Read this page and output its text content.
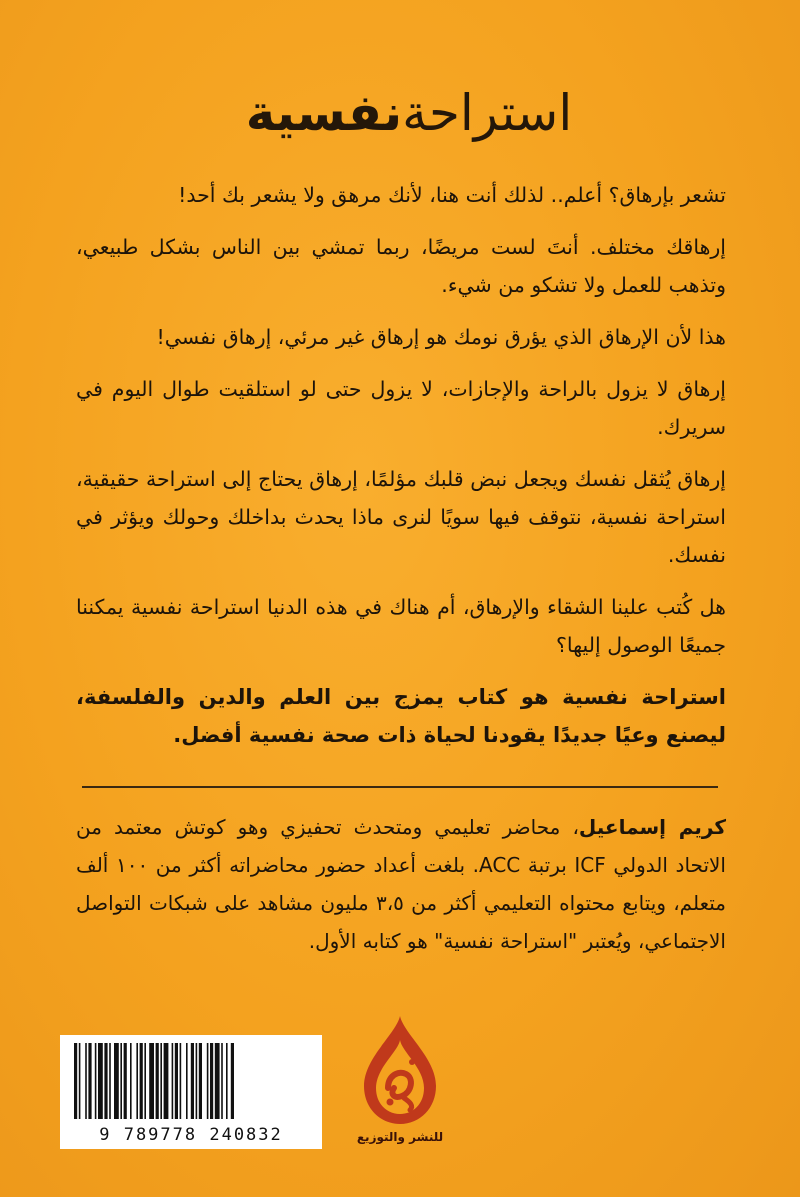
استراحةنفسية

تشعر بإرهاق؟ أعلم.. لذلك أنت هنا، لأنك مرهق ولا يشعر بك أحد!

إرهاقك مختلف. أنتَ لست مريضًا، ربما تمشي بين الناس بشكل طبيعي، وتذهب للعمل ولا تشكو من شيء.

هذا لأن الإرهاق الذي يؤرق نومك هو إرهاق غير مرئي، إرهاق نفسي!

إرهاق لا يزول بالراحة والإجازات، لا يزول حتى لو استلقيت طوال اليوم في سريرك.

إرهاق يُثقل نفسك ويجعل نبض قلبك مؤلمًا، إرهاق يحتاج إلى استراحة حقيقية، استراحة نفسية، نتوقف فيها سويًا لنرى ماذا يحدث بداخلك وحولك ويؤثر في نفسك.

هل كُتب علينا الشقاء والإرهاق، أم هناك في هذه الدنيا استراحة نفسية يمكننا جميعًا الوصول إليها؟

استراحة نفسية هو كتاب يمزج بين العلم والدين والفلسفة، ليصنع وعيًا جديدًا يقودنا لحياة ذات صحة نفسية أفضل.

كريم إسماعيل، محاضر تعليمي ومتحدث تحفيزي وهو كوتش معتمد من الاتحاد الدولي ICF برتبة ACC. بلغت أعداد حضور محاضراته أكثر من ١٠٠ ألف متعلم، ويتابع محتواه التعليمي أكثر من ٣،٥ مليون مشاهد على شبكات التواصل الاجتماعي، ويُعتبر "استراحة نفسية" هو كتابه الأول.
9 789778 240832	للنشر والتوزيع
